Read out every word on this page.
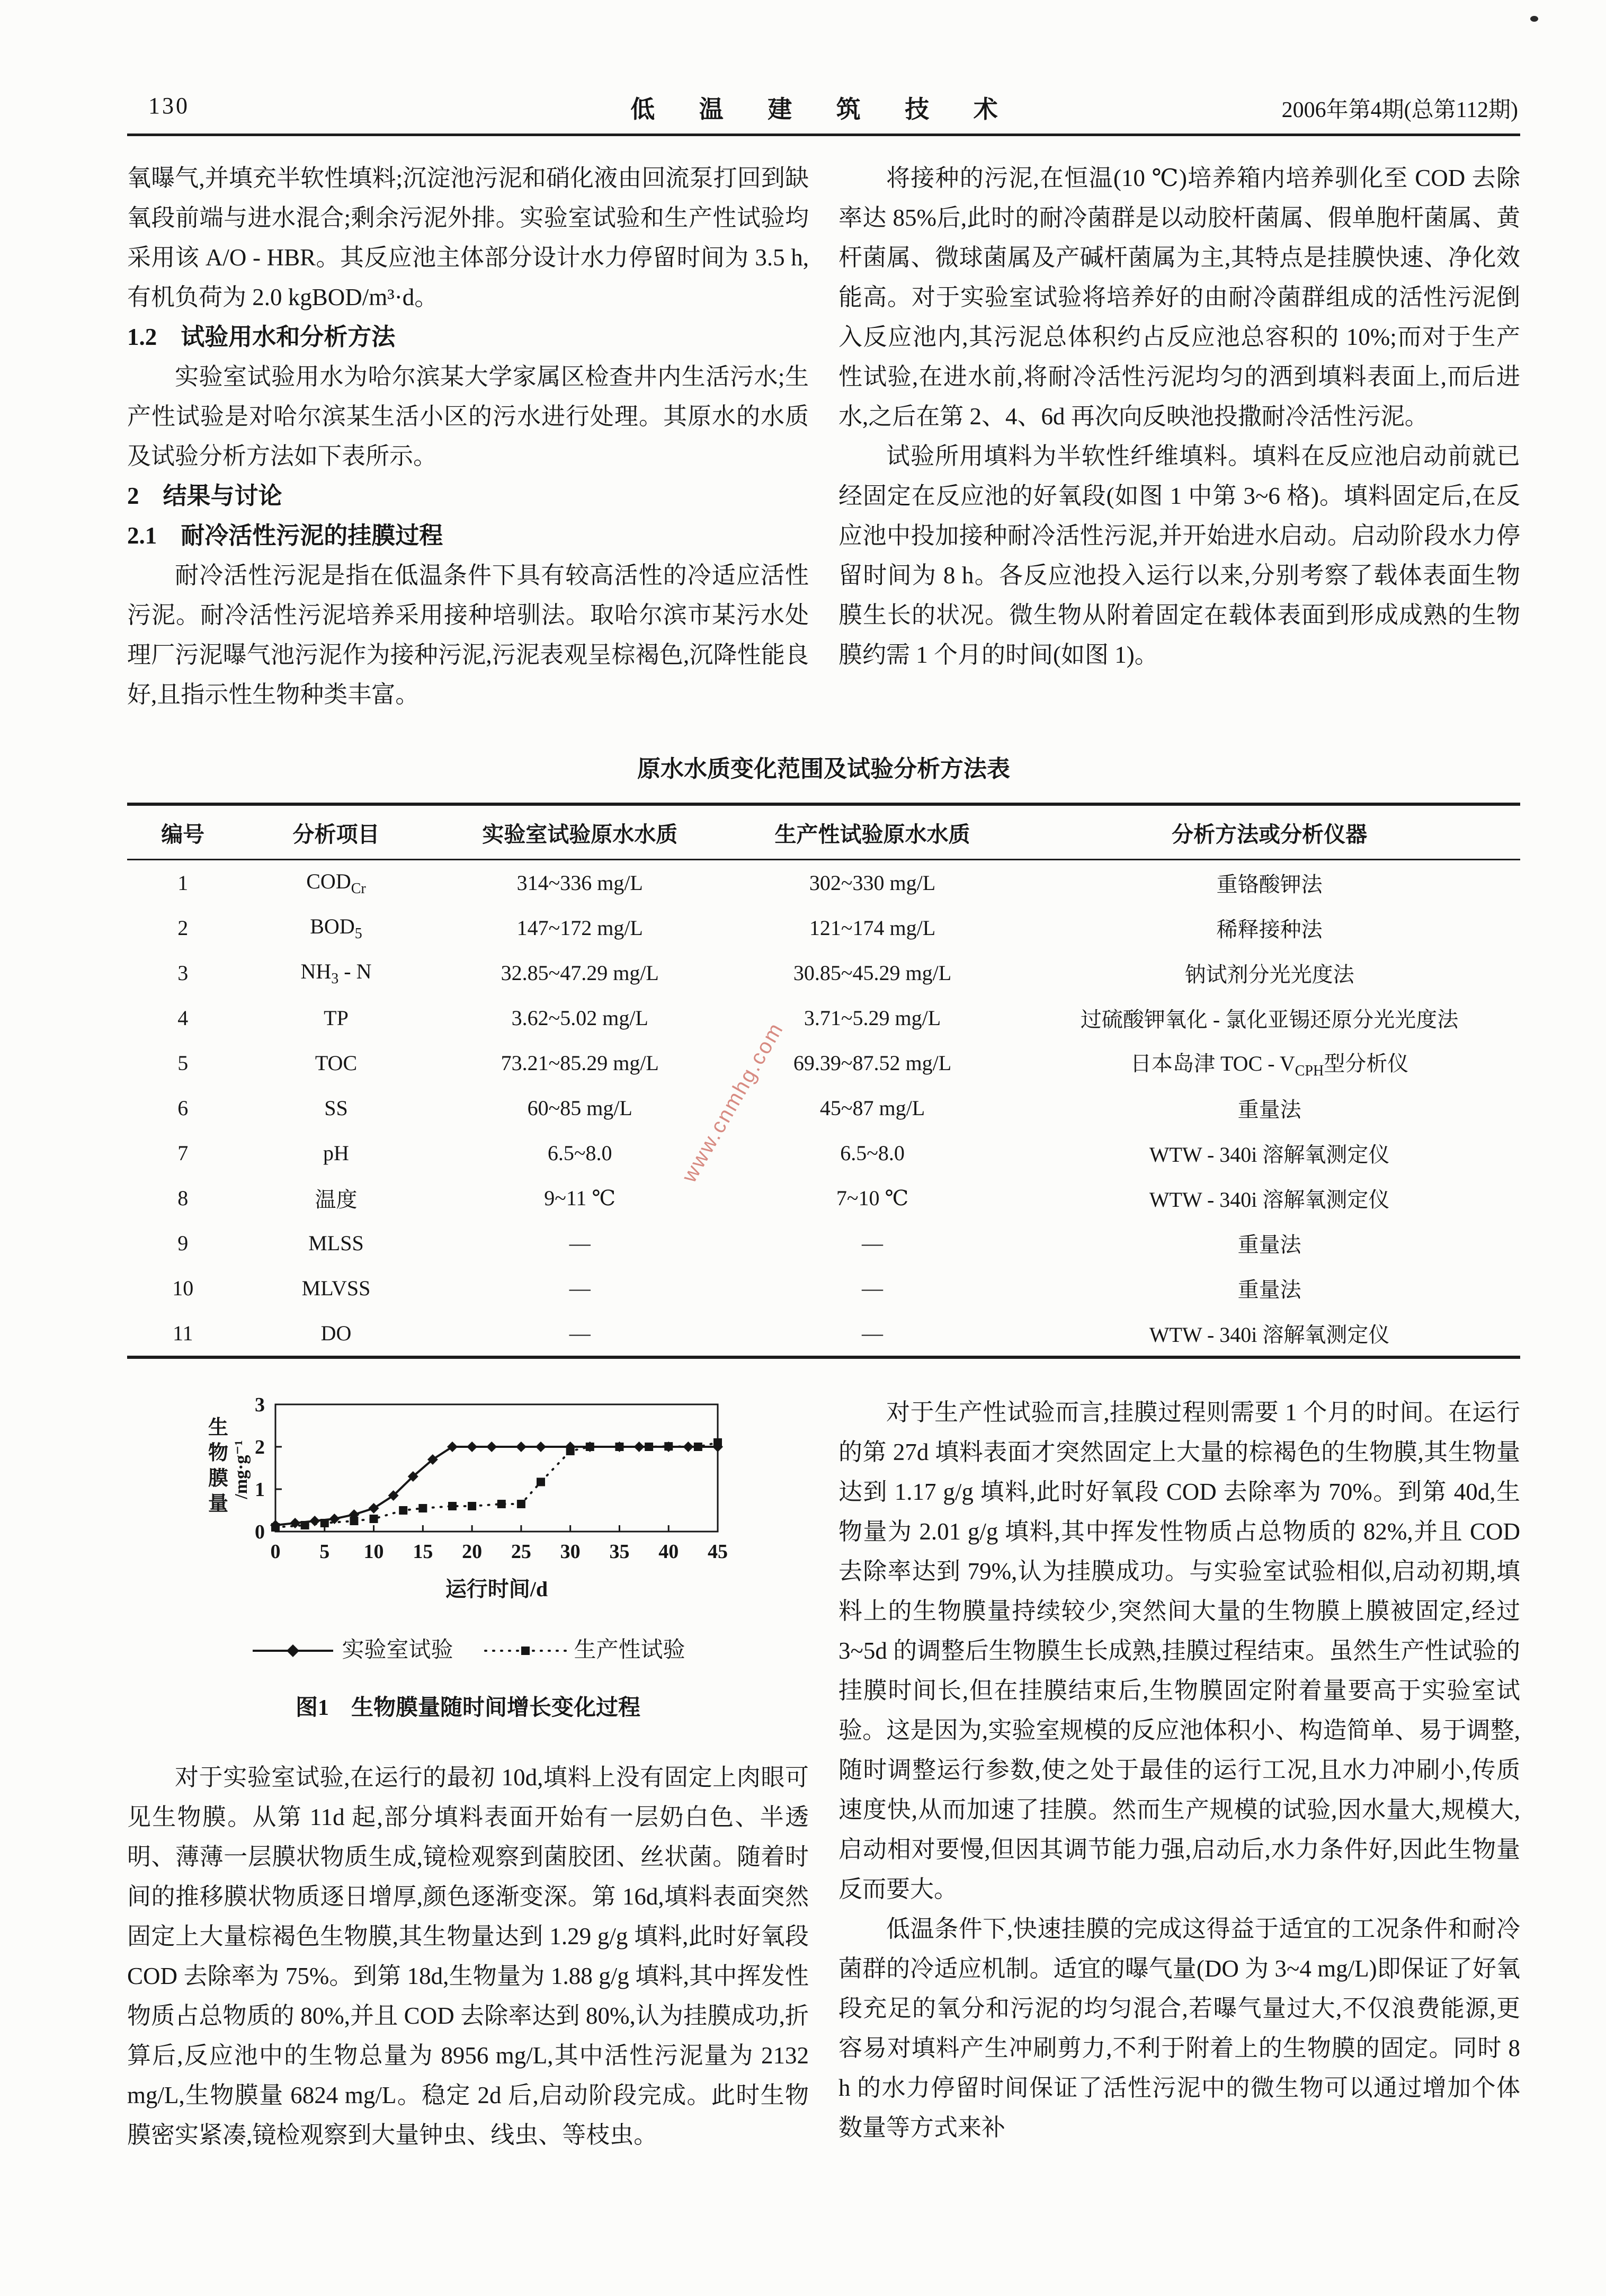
130	低 温 建 筑 技 术	2006年第4期(总第112期)
氧曝气,并填充半软性填料;沉淀池污泥和硝化液由回流泵打回到缺氧段前端与进水混合;剩余污泥外排。实验室试验和生产性试验均采用该 A/O - HBR。其反应池主体部分设计水力停留时间为 3.5 h,有机负荷为 2.0 kgBOD/m³·d。
1.2　试验用水和分析方法
实验室试验用水为哈尔滨某大学家属区检查井内生活污水;生产性试验是对哈尔滨某生活小区的污水进行处理。其原水的水质及试验分析方法如下表所示。
2　结果与讨论
2.1　耐冷活性污泥的挂膜过程
耐冷活性污泥是指在低温条件下具有较高活性的冷适应活性污泥。耐冷活性污泥培养采用接种培驯法。取哈尔滨市某污水处理厂污泥曝气池污泥作为接种污泥,污泥表观呈棕褐色,沉降性能良好,且指示性生物种类丰富。
将接种的污泥,在恒温(10 ℃)培养箱内培养驯化至 COD 去除率达 85%后,此时的耐冷菌群是以动胶杆菌属、假单胞杆菌属、黄杆菌属、微球菌属及产碱杆菌属为主,其特点是挂膜快速、净化效能高。对于实验室试验将培养好的由耐冷菌群组成的活性污泥倒入反应池内,其污泥总体积约占反应池总容积的 10%;而对于生产性试验,在进水前,将耐冷活性污泥均匀的洒到填料表面上,而后进水,之后在第 2、4、6d 再次向反映池投撒耐冷活性污泥。
试验所用填料为半软性纤维填料。填料在反应池启动前就已经固定在反应池的好氧段(如图 1 中第 3~6 格)。填料固定后,在反应池中投加接种耐冷活性污泥,并开始进水启动。启动阶段水力停留时间为 8 h。各反应池投入运行以来,分别考察了载体表面生物膜生长的状况。微生物从附着固定在载体表面到形成成熟的生物膜约需 1 个月的时间(如图 1)。
原水水质变化范围及试验分析方法表
编号	分析项目	实验室试验原水水质	生产性试验原水水质	分析方法或分析仪器
1	$COD_{Cr}$	314~336 mg/L	302~330 mg/L	重铬酸钾法
2	$BOD_5$	147~172 mg/L	121~174 mg/L	稀释接种法
3	$NH_3$ - N	32.85~47.29 mg/L	30.85~45.29 mg/L	钠试剂分光光度法
4	TP	3.62~5.02 mg/L	3.71~5.29 mg/L	过硫酸钾氧化 - 氯化亚锡还原分光光度法
5	TOC	73.21~85.29 mg/L	69.39~87.52 mg/L	日本岛津 TOC - $V_{CPH}$型分析仪
6	SS	60~85 mg/L	45~87 mg/L	重量法
7	pH	6.5~8.0	6.5~8.0	WTW - 340i 溶解氧测定仪
8	温度	9~11 ℃	7~10 ℃	WTW - 340i 溶解氧测定仪
9	MLSS	—	—	重量法
10	MLVSS	—	—	重量法
11	DO	—	—	WTW - 340i 溶解氧测定仪
0
1
2
3
0 5 10 15 20 25 30 35 40 45
运行时间/d
生
物
膜
量
/mg·g⁻¹
实验室试验	生产性试验
图1　生物膜量随时间增长变化过程
对于实验室试验,在运行的最初 10d,填料上没有固定上肉眼可见生物膜。从第 11d 起,部分填料表面开始有一层奶白色、半透明、薄薄一层膜状物质生成,镜检观察到菌胶团、丝状菌。随着时间的推移膜状物质逐日增厚,颜色逐渐变深。第 16d,填料表面突然固定上大量棕褐色生物膜,其生物量达到 1.29 g/g 填料,此时好氧段 COD 去除率为 75%。到第 18d,生物量为 1.88 g/g 填料,其中挥发性物质占总物质的 80%,并且 COD 去除率达到 80%,认为挂膜成功,折算后,反应池中的生物总量为 8956 mg/L,其中活性污泥量为 2132 mg/L,生物膜量 6824 mg/L。稳定 2d 后,启动阶段完成。此时生物膜密实紧凑,镜检观察到大量钟虫、线虫、等枝虫。
对于生产性试验而言,挂膜过程则需要 1 个月的时间。在运行的第 27d 填料表面才突然固定上大量的棕褐色的生物膜,其生物量达到 1.17 g/g 填料,此时好氧段 COD 去除率为 70%。到第 40d,生物量为 2.01 g/g 填料,其中挥发性物质占总物质的 82%,并且 COD 去除率达到 79%,认为挂膜成功。与实验室试验相似,启动初期,填料上的生物膜量持续较少,突然间大量的生物膜上膜被固定,经过 3~5d 的调整后生物膜生长成熟,挂膜过程结束。虽然生产性试验的挂膜时间长,但在挂膜结束后,生物膜固定附着量要高于实验室试验。这是因为,实验室规模的反应池体积小、构造简单、易于调整,随时调整运行参数,使之处于最佳的运行工况,且水力冲刷小,传质速度快,从而加速了挂膜。然而生产规模的试验,因水量大,规模大,启动相对要慢,但因其调节能力强,启动后,水力条件好,因此生物量反而要大。
低温条件下,快速挂膜的完成这得益于适宜的工况条件和耐冷菌群的冷适应机制。适宜的曝气量(DO 为 3~4 mg/L)即保证了好氧段充足的氧分和污泥的均匀混合,若曝气量过大,不仅浪费能源,更容易对填料产生冲刷剪力,不利于附着上的生物膜的固定。同时 8 h 的水力停留时间保证了活性污泥中的微生物可以通过增加个体数量等方式来补
www.cnmhg.com
